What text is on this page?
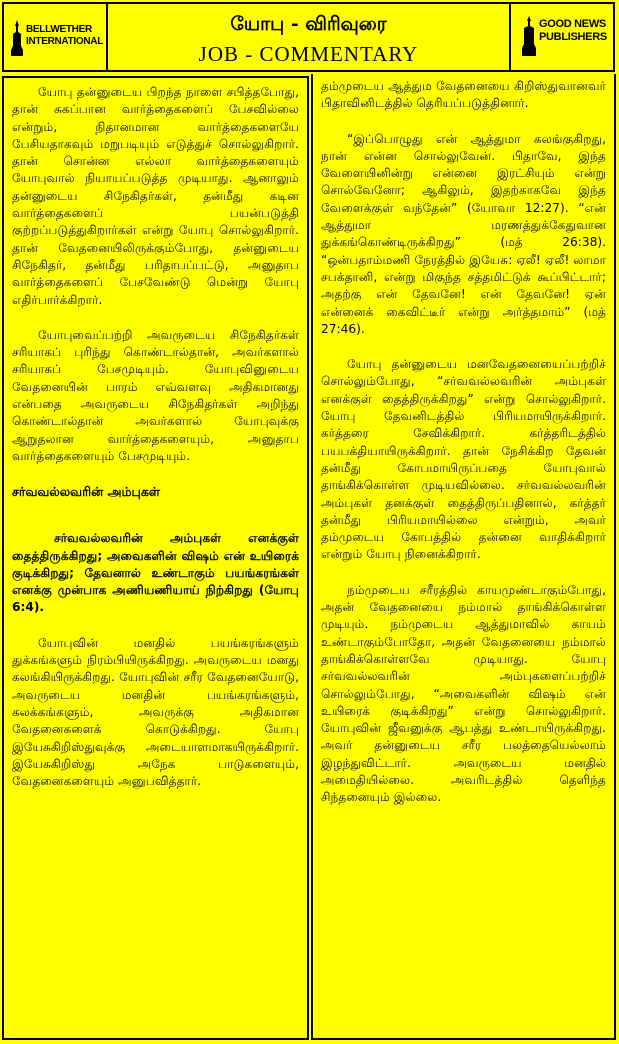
BELLWETHER INTERNATIONAL
யோபு - விரிவுரை
JOB - COMMENTARY
GOOD NEWS PUBLISHERS

யோபு தன்னுடைய பிறந்த நாளை சபித்தபோது, தான் சுகப்பான வார்த்தைகளைப் பேசவில்லை என்றும், நிதானமான வார்த்தைகளையே பேசியதாகவும் மறுபடியும் எடுத்துச் சொல்லுகிறார். தான் சொன்ன எல்லா வார்த்தைகளையும் யோபுவால் நியாயப்படுத்த முடியாது. ஆனாலும் தன்னுடைய சிநேகிதர்கள், தன்மீது கடின வார்த்தைகளைப் பயன்படுத்தி குற்றப்படுத்துகிறார்கள் என்று யோபு சொல்லுகிறார். தான் வேதனையிலிருக்கும்போது, தன்னுடைய சிநேகிதர், தன்மீது பரிதாபப்பட்டு, அனுதாப வார்த்தைகளைப் பேசவேண்டு மென்று யோபு எதிர்பார்க்கிறார்.

யோபுவைப்பற்றி அவருடைய சிநேகிதர்கள் சரியாகப் புரிந்து கொண்டால்தான், அவர்களால் சரியாகப் பேசமுடியும். யோபுவினுடைய வேதனையின் பாரம் எவ்வளவு அதிகமானது என்பதை அவருடைய சிநேகிதர்கள் அறிந்து கொண்டால்தான் அவர்களால் யோபுவுக்கு ஆறுதலான வார்த்தைகளையும், அனுதாப வார்த்தைகளையும் பேசமுடியும்.

சர்வவல்லவரின் அம்புகள்

சர்வவல்லவரின் அம்புகள் எனக்குள் தைத்திருக்கிறது; அவைகளின் விஷம் என் உயிரைக் குடிக்கிறது; தேவனால் உண்டாகும் பயங்கரங்கள் எனக்கு முன்பாக அணியணியாய் நிற்கிறது (யோபு 6:4).

யோபுவின் மனதில் பயங்கரங்களும் துக்கங்களும் நிரம்பியிருக்கிறது. அவருடைய மனது கலங்கியிருக்கிறது. யோபுவின் சரீர வேதனையோடு, அவருடைய மனதின் பயங்கரங்களும், கலக்கங்களும், அவருக்கு அதிகமான வேதனைகளைக் கொடுக்கிறது. யோபு இயேசுகிறிஸ்துவுக்கு அடையாளமாகயிருக்கிறார். இயேசுகிறிஸ்து அநேக பாடுகளையும், வேதனைகளையும் அனுபவித்தார்.

தம்முடைய ஆத்தும வேதனையை கிறிஸ்துவானவர் பிதாவினிடத்தில் தெரியப்படுத்தினார்.

“இப்பொழுது என் ஆத்துமா கலங்குகிறது, நான் என்ன சொல்லுவேன். பிதாவே, இந்த வேளையினின்று என்னை இரட்சியும் என்று சொல்வேனோ; ஆகிலும், இதற்காகவே இந்த வேளைக்குள் வந்தேன்” (யோவா 12:27). “என் ஆத்துமா மரணத்துக்கேதுவான துக்கங்கொண்டிருக்கிறது” (மத் 26:38). “ஒன்பதாம்மணி நேரத்தில் இயேசு: ஏலீ! ஏலீ! லாமா சபக்தானி, என்று மிகுந்த சத்தமிட்டுக் கூப்பிட்டார்; அதற்கு என் தேவனே! என் தேவனே! ஏன் என்னைக் கைவிட்டீர் என்று அர்த்தமாம்” (மத் 27:46).

யோபு தன்னுடைய மனவேதனையைப்பற்றிச் சொல்லும்போது, “சர்வவல்லவரின் அம்புகள் எனக்குள் தைத்திருக்கிறது” என்று சொல்லுகிறார். யோபு தேவனிடத்தில் பிரியமாயிருக்கிறார். கர்த்தரை சேவிக்கிறார். கர்த்தரிடத்தில் பயபக்தியாயிருக்கிறார். தான் நேசிக்கிற தேவன் தன்மீது கோபமாயிருப்பதை யோபுவால் தாங்கிக்கொள்ள முடியவில்லை. சர்வவல்லவரின் அம்புகள் தனக்குள் தைத்திருப்பதினால், கர்த்தர் தன்மீது பிரியமாயில்லை என்றும், அவர் தம்முடைய கோபத்தில் தன்னை வாதிக்கிறார் என்றும் யோபு நினைக்கிறார்.

நம்முடைய சரீரத்தில் காயமுண்டாகும்போது, அதன் வேதனையை நம்மால் தாங்கிக்கொள்ள முடியும். நம்முடைய ஆத்துமாவில் காயம் உண்டாகும்போதோ, அதன் வேதனையை நம்மால் தாங்கிக்கொள்ளவே முடியாது. யோபு சர்வவல்லவரின் அம்புகளைப்பற்றிச் சொல்லும்போது, “அவைகளின் விஷம் என் உயிரைக் குடிக்கிறது” என்று சொல்லுகிறார். யோபுவின் ஜீவனுக்கு ஆபத்து உண்டாயிருக்கிறது. அவர் தன்னுடைய சரீர பலத்தையெல்லாம் இழந்துவிட்டார். அவருடைய மனதில் அமைதியில்லை. அவரிடத்தில் தெளிந்த சிந்தனையும் இல்லை.
